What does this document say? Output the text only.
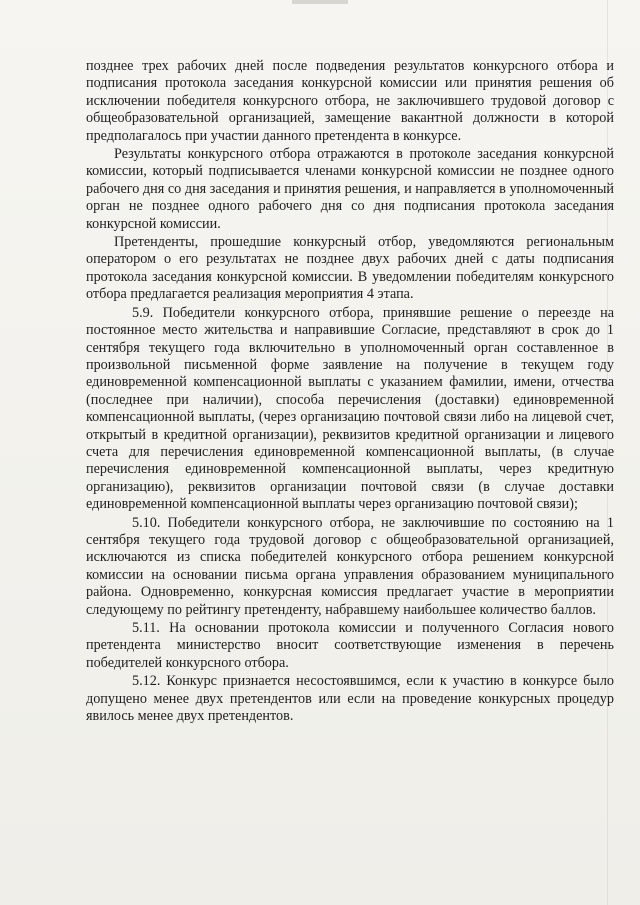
позднее трех рабочих дней после подведения результатов конкурсного отбора и подписания протокола заседания конкурсной комиссии или принятия решения об исключении победителя конкурсного отбора, не заключившего трудовой договор с общеобразовательной организацией, замещение вакантной должности в которой предполагалось при участии данного претендента в конкурсе.

Результаты конкурсного отбора отражаются в протоколе заседания конкурсной комиссии, который подписывается членами конкурсной комиссии не позднее одного рабочего дня со дня заседания и принятия решения, и направляется в уполномоченный орган не позднее одного рабочего дня со дня подписания протокола заседания конкурсной комиссии.

Претенденты, прошедшие конкурсный отбор, уведомляются региональным оператором о его результатах не позднее двух рабочих дней с даты подписания протокола заседания конкурсной комиссии. В уведомлении победителям конкурсного отбора предлагается реализация мероприятия 4 этапа.

5.9. Победители конкурсного отбора, принявшие решение о переезде на постоянное место жительства и направившие Согласие, представляют в срок до 1 сентября текущего года включительно в уполномоченный орган составленное в произвольной письменной форме заявление на получение в текущем году единовременной компенсационной выплаты с указанием фамилии, имени, отчества (последнее при наличии), способа перечисления (доставки) единовременной компенсационной выплаты, (через организацию почтовой связи либо на лицевой счет, открытый в кредитной организации), реквизитов кредитной организации и лицевого счета для перечисления единовременной компенсационной выплаты, (в случае перечисления единовременной компенсационной выплаты, через кредитную организацию), реквизитов организации почтовой связи (в случае доставки единовременной компенсационной выплаты через организацию почтовой связи);

5.10. Победители конкурсного отбора, не заключившие по состоянию на 1 сентября текущего года трудовой договор с общеобразовательной организацией, исключаются из списка победителей конкурсного отбора решением конкурсной комиссии на основании письма органа управления образованием муниципального района. Одновременно, конкурсная комиссия предлагает участие в мероприятии следующему по рейтингу претенденту, набравшему наибольшее количество баллов.

5.11. На основании протокола комиссии и полученного Согласия нового претендента министерство вносит соответствующие изменения в перечень победителей конкурсного отбора.

5.12. Конкурс признается несостоявшимся, если к участию в конкурсе было допущено менее двух претендентов или если на проведение конкурсных процедур явилось менее двух претендентов.
